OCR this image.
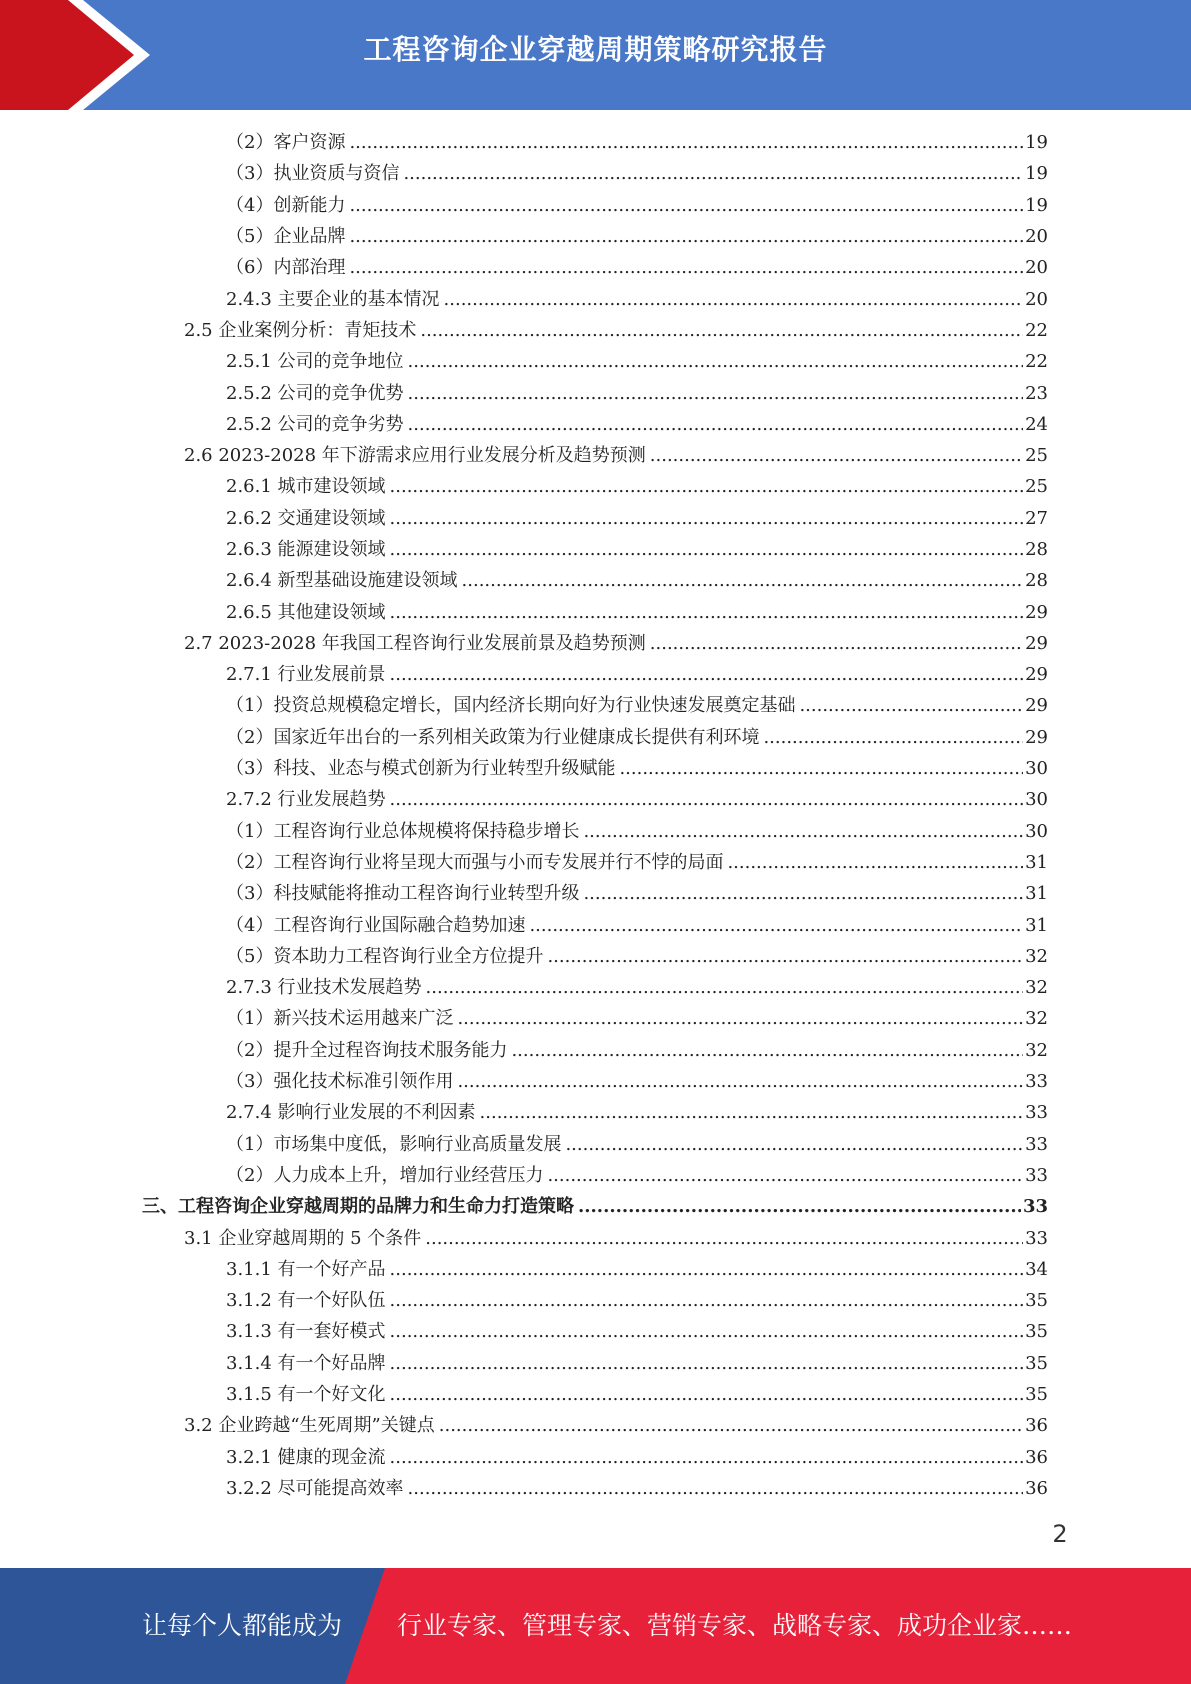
工程咨询企业穿越周期策略研究报告
（2）客户资源 .....	19
（3）执业资质与资信 .....	19
（4）创新能力 .....	19
（5）企业品牌 .....	20
（6）内部治理 .....	20
2.4.3 主要企业的基本情况 .....	20
2.5 企业案例分析：青矩技术 .....	22
2.5.1 公司的竞争地位 .....	22
2.5.2 公司的竞争优势 .....	23
2.5.2 公司的竞争劣势 .....	24
2.6 2023-2028 年下游需求应用行业发展分析及趋势预测 .....	25
2.6.1 城市建设领域 .....	25
2.6.2 交通建设领域 .....	27
2.6.3 能源建设领域 .....	28
2.6.4 新型基础设施建设领域 .....	28
2.6.5 其他建设领域 .....	29
2.7 2023-2028 年我国工程咨询行业发展前景及趋势预测 .....	29
2.7.1 行业发展前景 .....	29
（1）投资总规模稳定增长，国内经济长期向好为行业快速发展奠定基础 .....	29
（2）国家近年出台的一系列相关政策为行业健康成长提供有利环境 .....	29
（3）科技、业态与模式创新为行业转型升级赋能 .....	30
2.7.2 行业发展趋势 .....	30
（1）工程咨询行业总体规模将保持稳步增长 .....	30
（2）工程咨询行业将呈现大而强与小而专发展并行不悖的局面 .....	31
（3）科技赋能将推动工程咨询行业转型升级 .....	31
（4）工程咨询行业国际融合趋势加速 .....	31
（5）资本助力工程咨询行业全方位提升 .....	32
2.7.3 行业技术发展趋势 .....	32
（1）新兴技术运用越来广泛 .....	32
（2）提升全过程咨询技术服务能力 .....	32
（3）强化技术标准引领作用 .....	33
2.7.4 影响行业发展的不利因素 .....	33
（1）市场集中度低，影响行业高质量发展 .....	33
（2）人力成本上升，增加行业经营压力 .....	33
三、工程咨询企业穿越周期的品牌力和生命力打造策略 .....	33
3.1 企业穿越周期的 5 个条件 .....	33
3.1.1 有一个好产品 .....	34
3.1.2 有一个好队伍 .....	35
3.1.3 有一套好模式 .....	35
3.1.4 有一个好品牌 .....	35
3.1.5 有一个好文化 .....	35
3.2 企业跨越“生死周期”关键点 .....	36
3.2.1 健康的现金流 .....	36
3.2.2 尽可能提高效率 .....	36
2
让每个人都能成为 行业专家、管理专家、营销专家、战略专家、成功企业家……
